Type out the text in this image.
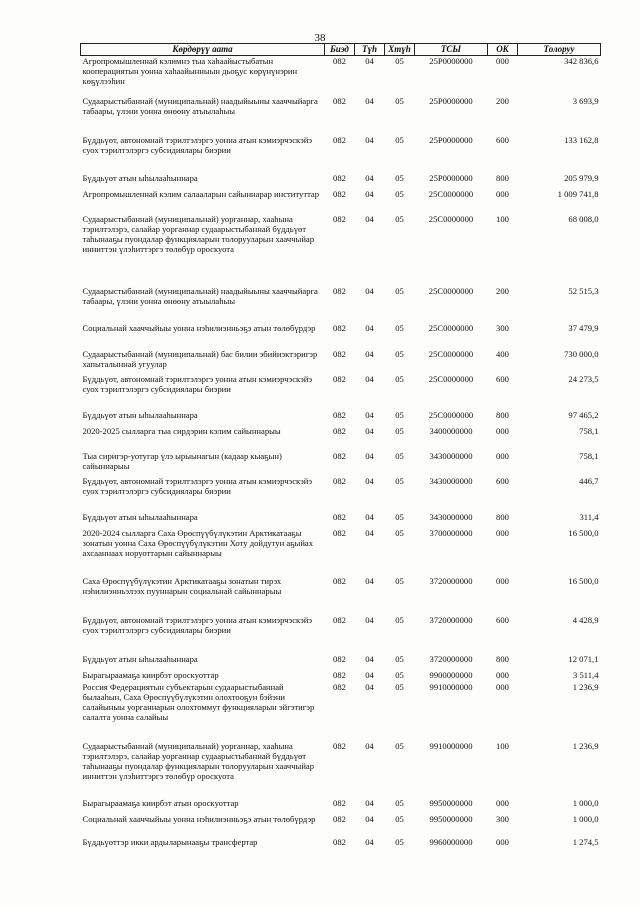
38
Көрдөрүү аата	Биэд	Түһ	Хтүһ	ТСЫ	ОК	Толоруу
Агропромышленнай кэлимнэ тыа хаһаайыстыбатын кооперациятын уонна хаһаайынныын дьоҕус көрүнүнэрин көҕүлээһин	082	04	05	25P0000000	000	342 836,6
Судаарыстыбаннай (муниципальнай) наадыйыыны хааччыйарга табаары, үлэни уонна өнөөну атыылаһыы	082	04	05	25P0000000	200	3 693,9
Бүддьүөт, автономнай тэрилтэлэргэ уонна атын кэмиэрчэскэйэ суох тэрилтэлэргэ субсидиялары биэрии	082	04	05	25P0000000	600	133 162,8
Бүддьүөт атын ыһылааһыннара	082	04	05	25P0000000	800	205 979,9
Агропромышленнай кэлим салааларын сайыннарар институттар	082	04	05	25C0000000	000	1 009 741,8
Судаарыстыбаннай (муниципальнай) уорганнар, хааһына тэрилтэлэрэ, салайар уорганнар судаарыстыбаннай бүддьүөт таһынааҕы пуондалар функцияларын толорууларын хааччыйар инниттэн үлэһиттэргэ төлөбүр ороскуота	082	04	05	25C0000000	100	68 008,0
Судаарыстыбаннай (муниципальнай) наадыйыыны хааччыйарга табаары, үлэни уонна өнөөну атыылаһыы	082	04	05	25C0000000	200	52 515,3
Социальнай хааччыйыы уонна нэһилиэнньэҕэ атын төлөбүрдэр	082	04	05	25C0000000	300	37 479,9
Судаарыстыбаннай (муниципальнай) бас билии эбийиэктэригэр хапыталыннай угуулар	082	04	05	25C0000000	400	730 000,0
Бүддьүөт, автономнай тэрилтэлэргэ уонна атын кэмиэрчэскэйэ суох тэрилтэлэргэ субсидиялары биэрии	082	04	05	25C0000000	600	24 273,5
Бүддьүөт атын ыһылааһыннара	082	04	05	25C0000000	800	97 465,2
2020-2025 сылларга тыа сирдэрин кэлим сайыннарыы	082	04	05	3400000000	000	758,1
Тыа сиригэр-уотугар үлэ ырыынагын (кадаар кыаҕын) сайыннарыы	082	04	05	3430000000	000	758,1
Бүддьүөт, автономнай тэрилтэлэргэ уонна атын кэмиэрчэскэйэ суох тэрилтэлэргэ субсидиялары биэрии	082	04	05	3430000000	600	446,7
Бүддьүөт атын ыһылааһыннара	082	04	05	3430000000	800	311,4
2020-2024 сылларга Саха Өрөспүүбүлүкэтин Арктикатааҕы зонатын уонна Саха Өрөспүүбүлүкэтин Хоту дойдутун аҕыйах ахсааннаах норуоттарын сайыннарыы	082	04	05	3700000000	000	16 500,0
Саха Өрөспүүбүлүкэтин Арктикатааҕы зонатын тирэх нэһилиэнньэлээх пууннарын социальнай сайыннарыы	082	04	05	3720000000	000	16 500,0
Бүддьүөт, автономнай тэрилтэлэргэ уонна атын кэмиэрчэскэйэ суох тэрилтэлэргэ субсидиялары биэрии	082	04	05	3720000000	600	4 428,9
Бүддьүөт атын ыһылааһыннара	082	04	05	3720000000	800	12 071,1
Бырагыраамаҕа киирбэт ороскуоттар	082	04	05	9900000000	000	3 511,4
Россия Федерациятын субъектарын судаарыстыбаннай былааһын, Саха Өрөспүүбүлүкэтин олохтооҕун бэйэни салайыныы уорганнарын олохтоммут функцияларын эйгэтигэр салалта уонна салайыы	082	04	05	9910000000	000	1 236,9
Судаарыстыбаннай (муниципальнай) уорганнар, хааһына тэрилтэлэрэ, салайар уорганнар судаарыстыбаннай бүддьүөт таһынааҕы пуондалар функцияларын толорууларын хааччыйар инниттэн үлэһиттэргэ төлөбүр ороскуота	082	04	05	9910000000	100	1 236,9
Бырагыраамаҕа киирбэт атын ороскуоттар	082	04	05	9950000000	000	1 000,0
Социальнай хааччыйыы уонна нэһилиэнньэҕэ атын төлөбүрдэр	082	04	05	9950000000	300	1 000,0
Бүддьүөттэр икки ардыларынааҕы трансфертар	082	04	05	9960000000	000	1 274,5
